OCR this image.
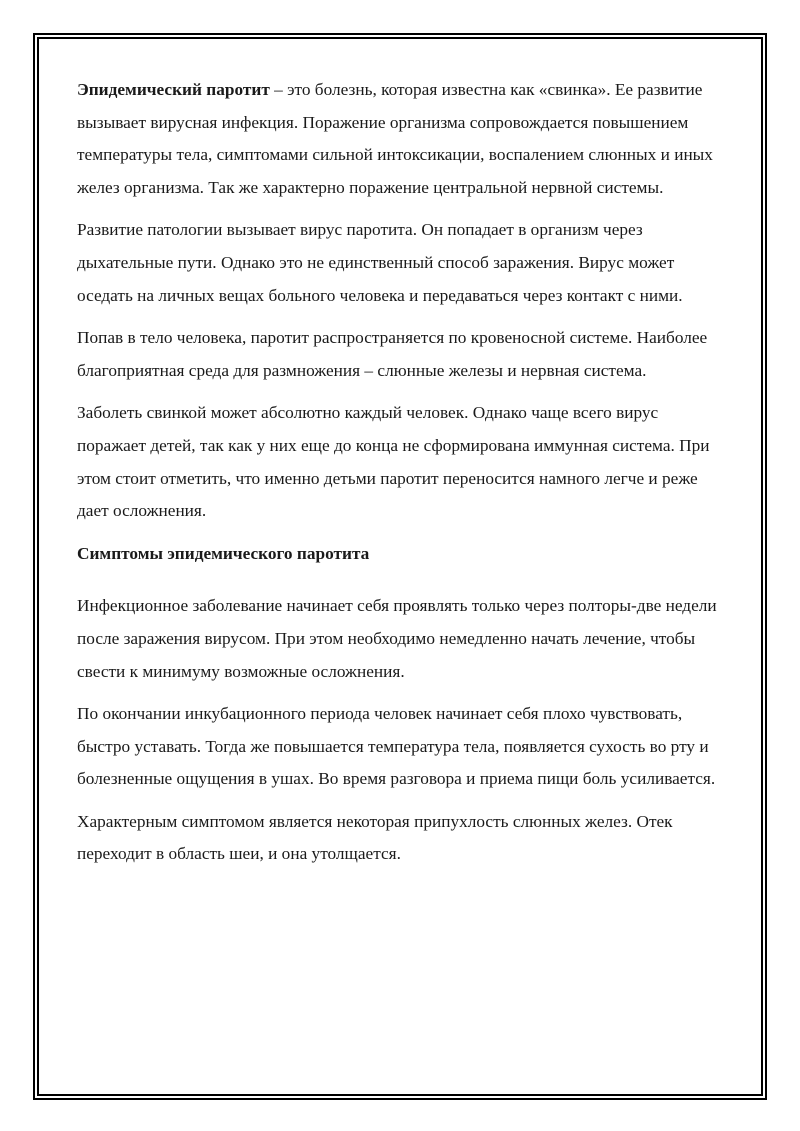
Эпидемический паротит – это болезнь, которая известна как «свинка». Ее развитие вызывает вирусная инфекция. Поражение организма сопровождается повышением температуры тела, симптомами сильной интоксикации, воспалением слюнных и иных желез организма. Так же характерно поражение центральной нервной системы.

Развитие патологии вызывает вирус паротита. Он попадает в организм через дыхательные пути. Однако это не единственный способ заражения. Вирус может оседать на личных вещах больного человека и передаваться через контакт с ними.

Попав в тело человека, паротит распространяется по кровеносной системе. Наиболее благоприятная среда для размножения – слюнные железы и нервная система.

Заболеть свинкой может абсолютно каждый человек. Однако чаще всего вирус поражает детей, так как у них еще до конца не сформирована иммунная система. При этом стоит отметить, что именно детьми паротит переносится намного легче и реже дает осложнения.

Симптомы эпидемического паротита

Инфекционное заболевание начинает себя проявлять только через полторы-две недели после заражения вирусом. При этом необходимо немедленно начать лечение, чтобы свести к минимуму возможные осложнения.

По окончании инкубационного периода человек начинает себя плохо чувствовать, быстро уставать. Тогда же повышается температура тела, появляется сухость во рту и болезненные ощущения в ушах. Во время разговора и приема пищи боль усиливается.

Характерным симптомом является некоторая припухлость слюнных желез. Отек переходит в область шеи, и она утолщается.
